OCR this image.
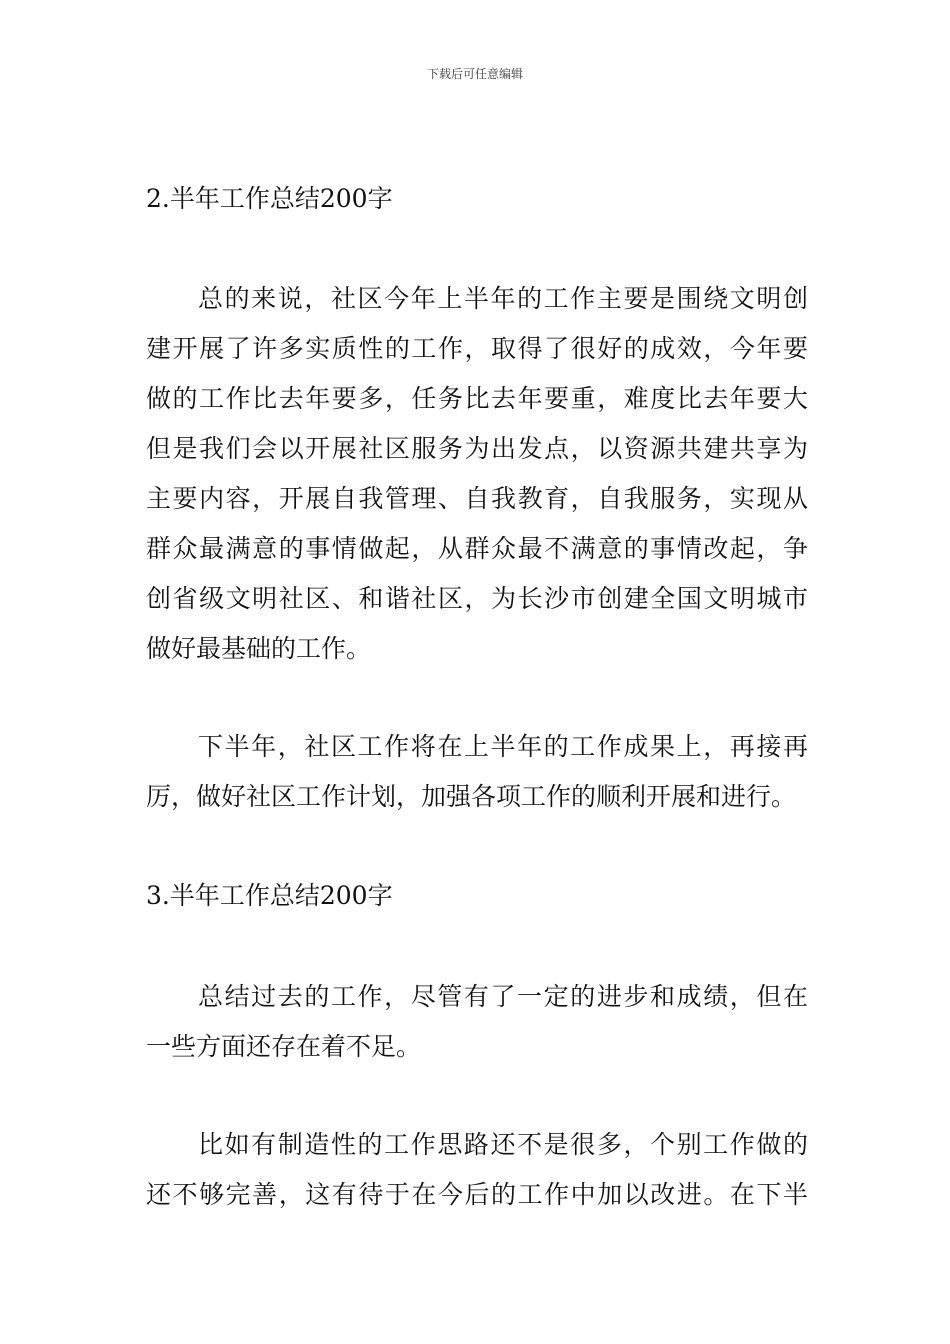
下载后可任意编辑
2.半年工作总结200字
总的来说，社区今年上半年的工作主要是围绕文明创
建开展了许多实质性的工作，取得了很好的成效，今年要
做的工作比去年要多，任务比去年要重，难度比去年要大
但是我们会以开展社区服务为出发点，以资源共建共享为
主要内容，开展自我管理、自我教育，自我服务，实现从
群众最满意的事情做起，从群众最不满意的事情改起，争
创省级文明社区、和谐社区，为长沙市创建全国文明城市
做好最基础的工作。
下半年，社区工作将在上半年的工作成果上，再接再
厉，做好社区工作计划，加强各项工作的顺利开展和进行。
3.半年工作总结200字
总结过去的工作，尽管有了一定的进步和成绩，但在
一些方面还存在着不足。
比如有制造性的工作思路还不是很多，个别工作做的
还不够完善，这有待于在今后的工作中加以改进。在下半
